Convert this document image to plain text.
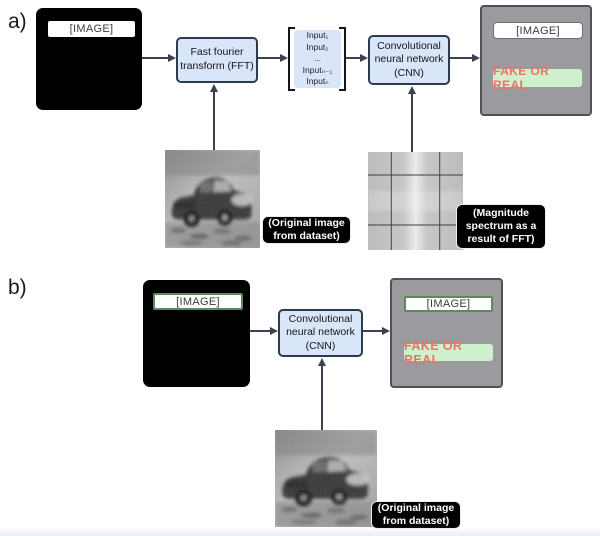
a)	[IMAGE]
Fast fourier transform (FFT)
Input₁
Input₂
...
Inputₙ₋₁
Inputₙ
Convolutional neural network (CNN)
[IMAGE]
FAKE OR REAL
(Original image from dataset)
(Magnitude spectrum as a result of FFT)
b)
[IMAGE]
Convolutional neural network (CNN)
[IMAGE]
FAKE OR REAL
(Original image from dataset)
